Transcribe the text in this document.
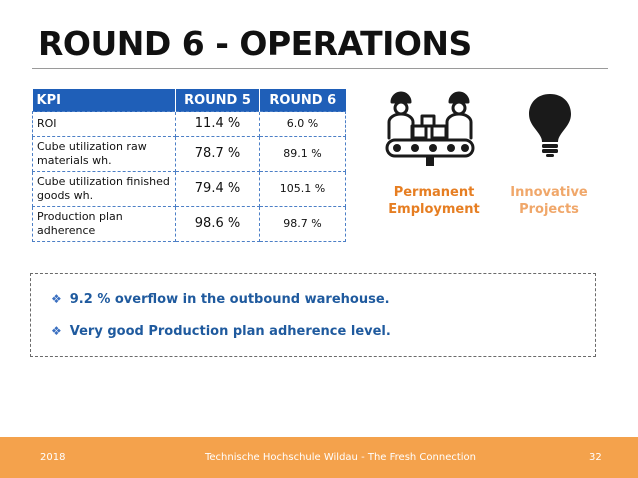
ROUND 6 - OPERATIONS
KPI	ROUND 5	ROUND 6
ROI	11.4 %	6.0 %
Cube utilization raw materials wh.	78.7 %	89.1 %
Cube utilization finished goods wh.	79.4 %	105.1 %
Production plan adherence	98.6 %	98.7 %
Permanent
Employment
Innovative
Projects
❖ 9.2 % overflow in the outbound warehouse.
❖ Very good Production plan adherence level.
2018	Technische Hochschule Wildau - The Fresh Connection	32
